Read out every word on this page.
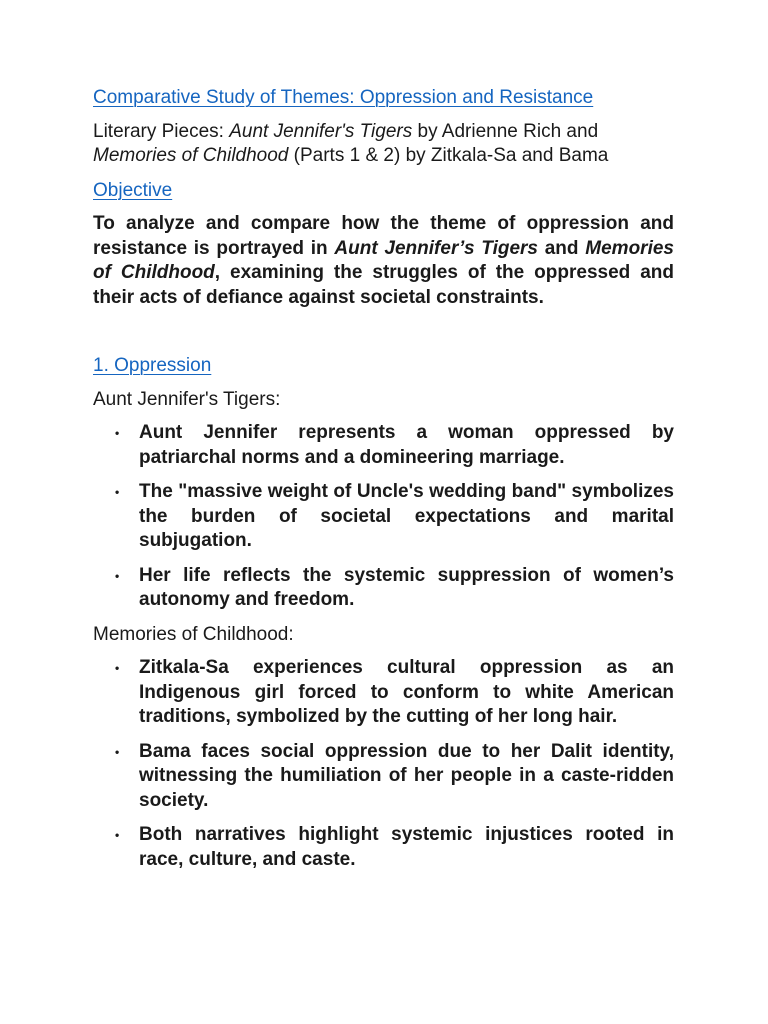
Comparative Study of Themes: Oppression and Resistance

Literary Pieces: Aunt Jennifer's Tigers by Adrienne Rich and Memories of Childhood (Parts 1 & 2) by Zitkala-Sa and Bama

Objective

To analyze and compare how the theme of oppression and resistance is portrayed in Aunt Jennifer’s Tigers and Memories of Childhood, examining the struggles of the oppressed and their acts of defiance against societal constraints.

1. Oppression

Aunt Jennifer's Tigers:

• Aunt Jennifer represents a woman oppressed by patriarchal norms and a domineering marriage.
• The "massive weight of Uncle's wedding band" symbolizes the burden of societal expectations and marital subjugation.
• Her life reflects the systemic suppression of women’s autonomy and freedom.

Memories of Childhood:

• Zitkala-Sa experiences cultural oppression as an Indigenous girl forced to conform to white American traditions, symbolized by the cutting of her long hair.
• Bama faces social oppression due to her Dalit identity, witnessing the humiliation of her people in a caste-ridden society.
• Both narratives highlight systemic injustices rooted in race, culture, and caste.
